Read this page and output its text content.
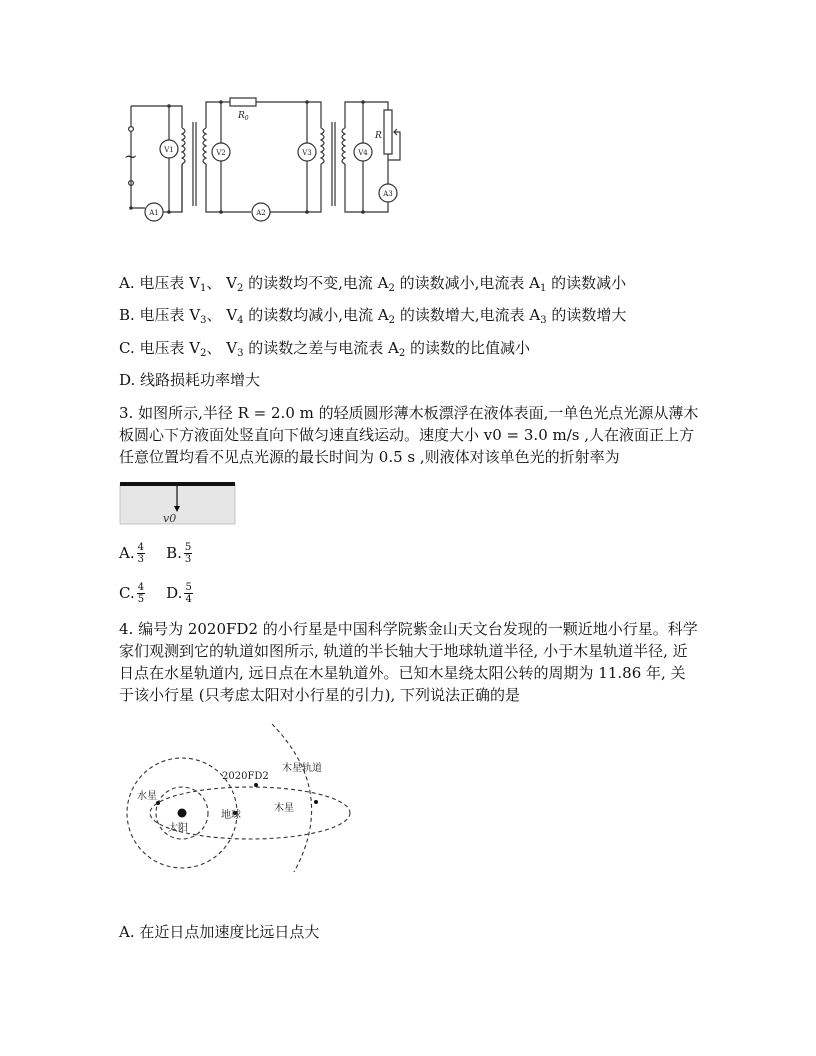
~
$R_0$
R
V1	V2	V3	V4
A1	A2
A3
A. 电压表 $V_1$、 $V_2$ 的读数均不变,电流 $A_2$ 的读数减小,电流表 $A_1$ 的读数减小
B. 电压表 $V_3$、 $V_4$ 的读数均减小,电流 $A_2$ 的读数增大,电流表 $A_3$ 的读数增大
C. 电压表 $V_2$、 $V_3$ 的读数之差与电流表 $A_2$ 的读数的比值减小
D. 线路损耗功率增大
3. 如图所示,半径 R = 2.0 m 的轻质圆形薄木板漂浮在液体表面,一单色光点光源从薄木板圆心下方液面处竖直向下做匀速直线运动。速度大小 v0 = 3.0 m/s ,人在液面正上方任意位置均看不见点光源的最长时间为 0.5 s ,则液体对该单色光的折射率为
v0
A. $\frac{4}{3} B$. $\frac{5}{3}$
C. $\frac{4}{5} D$. $\frac{5}{4}$
4. 编号为 2020FD2 的小行星是中国科学院紫金山天文台发现的一颗近地小行星。科学家们观测到它的轨道如图所示, 轨道的半长轴大于地球轨道半径, 小于木星轨道半径, 近日点在水星轨道内, 远日点在木星轨道外。已知木星绕太阳公转的周期为 11.86 年, 关于该小行星 (只考虑太阳对小行星的引力), 下列说法正确的是
2020FD2
木星轨道
水星
太阳
地球
木星
A. 在近日点加速度比远日点大
